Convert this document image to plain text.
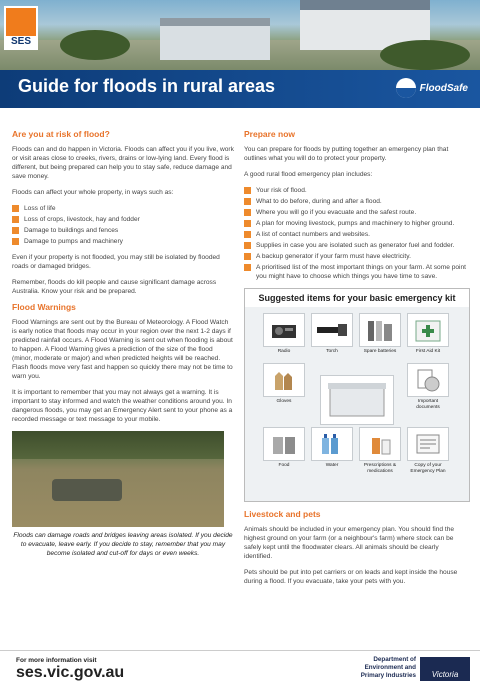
SES
Guide for floods in rural areas	FloodSafe
Are you at risk of flood?

Floods can and do happen in Victoria. Floods can affect you if you live, work or visit areas close to creeks, rivers, drains or low-lying land. Every flood is different, but being prepared can help you to stay safe, reduce damage and save money.

Floods can affect your whole property, in ways such as:

Loss of life
Loss of crops, livestock, hay and fodder
Damage to buildings and fences
Damage to pumps and machinery

Even if your property is not flooded, you may still be isolated by flooded roads or damaged bridges.

Remember, floods do kill people and cause significant damage across Australia. Know your risk and be prepared.

Flood Warnings

Flood Warnings are sent out by the Bureau of Meteorology. A Flood Watch is early notice that floods may occur in your region over the next 1-2 days if predicted rainfall occurs. A Flood Warning is sent out when flooding is about to happen. A Flood Warning gives a prediction of the size of the flood (minor, moderate or major) and when predicted heights will be reached. Flash floods move very fast and happen so quickly there may not be time to warn you.

It is important to remember that you may not always get a warning. It is important to stay informed and watch the weather conditions around you. In dangerous floods, you may get an Emergency Alert sent to your phone as a recorded message or text message to your mobile.

Floods can damage roads and bridges leaving areas isolated. If you decide to evacuate, leave early. If you decide to stay, remember that you may become isolated and cut-off for days or even weeks.

Prepare now

You can prepare for floods by putting together an emergency plan that outlines what you will do to protect your property.

A good rural flood emergency plan includes:

Your risk of flood.
What to do before, during and after a flood.
Where you will go if you evacuate and the safest route.
A plan for moving livestock, pumps and machinery to higher ground.
A list of contact numbers and websites.
Supplies in case you are isolated such as generator fuel and fodder.
A backup generator if your farm must have electricity.
A prioritised list of the most important things on your farm. At some point you might have to choose which things you have time to save.
Suggested items for your basic emergency kit
Radio	Torch	Spare batteries	First Aid Kit
Gloves	Important documents
Food	Water	Prescriptions & medications
Copy of your Emergency Plan
Livestock and pets

Animals should be included in your emergency plan. You should find the highest ground on your farm (or a neighbour's farm) where stock can be safely kept until the floodwater clears. All animals should be clearly identified.

Pets should be put into pet carriers or on leads and kept inside the house during a flood. If you evacuate, take your pets with you.

For more information visit
ses.vic.gov.au
Department of
Environment and
Primary Industries Victoria
